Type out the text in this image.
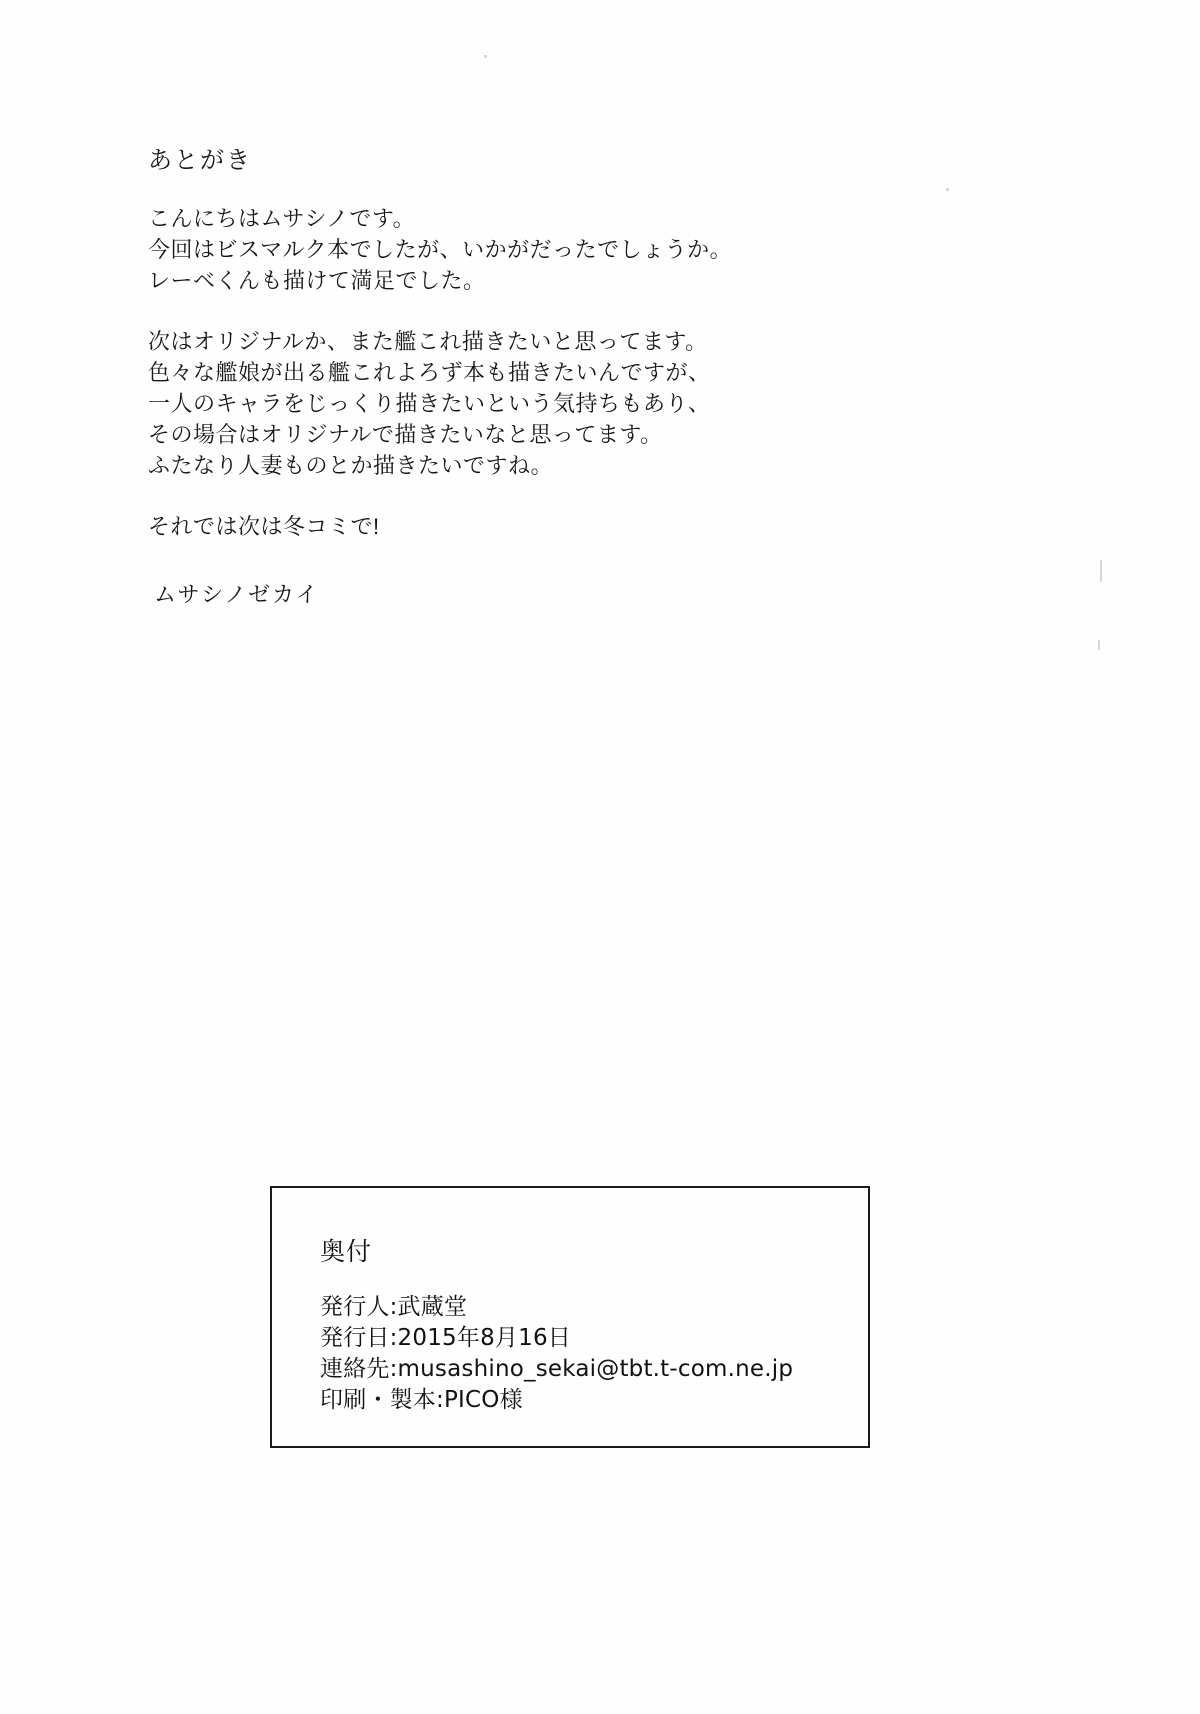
あとがき
こんにちはムサシノです。
今回はビスマルク本でしたが、いかがだったでしょうか。
レーベくんも描けて満足でした。
次はオリジナルか、また艦これ描きたいと思ってます。
色々な艦娘が出る艦これよろず本も描きたいんですが、
一人のキャラをじっくり描きたいという気持ちもあり、
その場合はオリジナルで描きたいなと思ってます。
ふたなり人妻ものとか描きたいですね。
それでは次は冬コミで!
ムサシノゼカイ
奥付
発行人:武蔵堂
発行日:2015年8月16日
連絡先:musashino_sekai@tbt.t-com.ne.jp
印刷・製本:PICO様
